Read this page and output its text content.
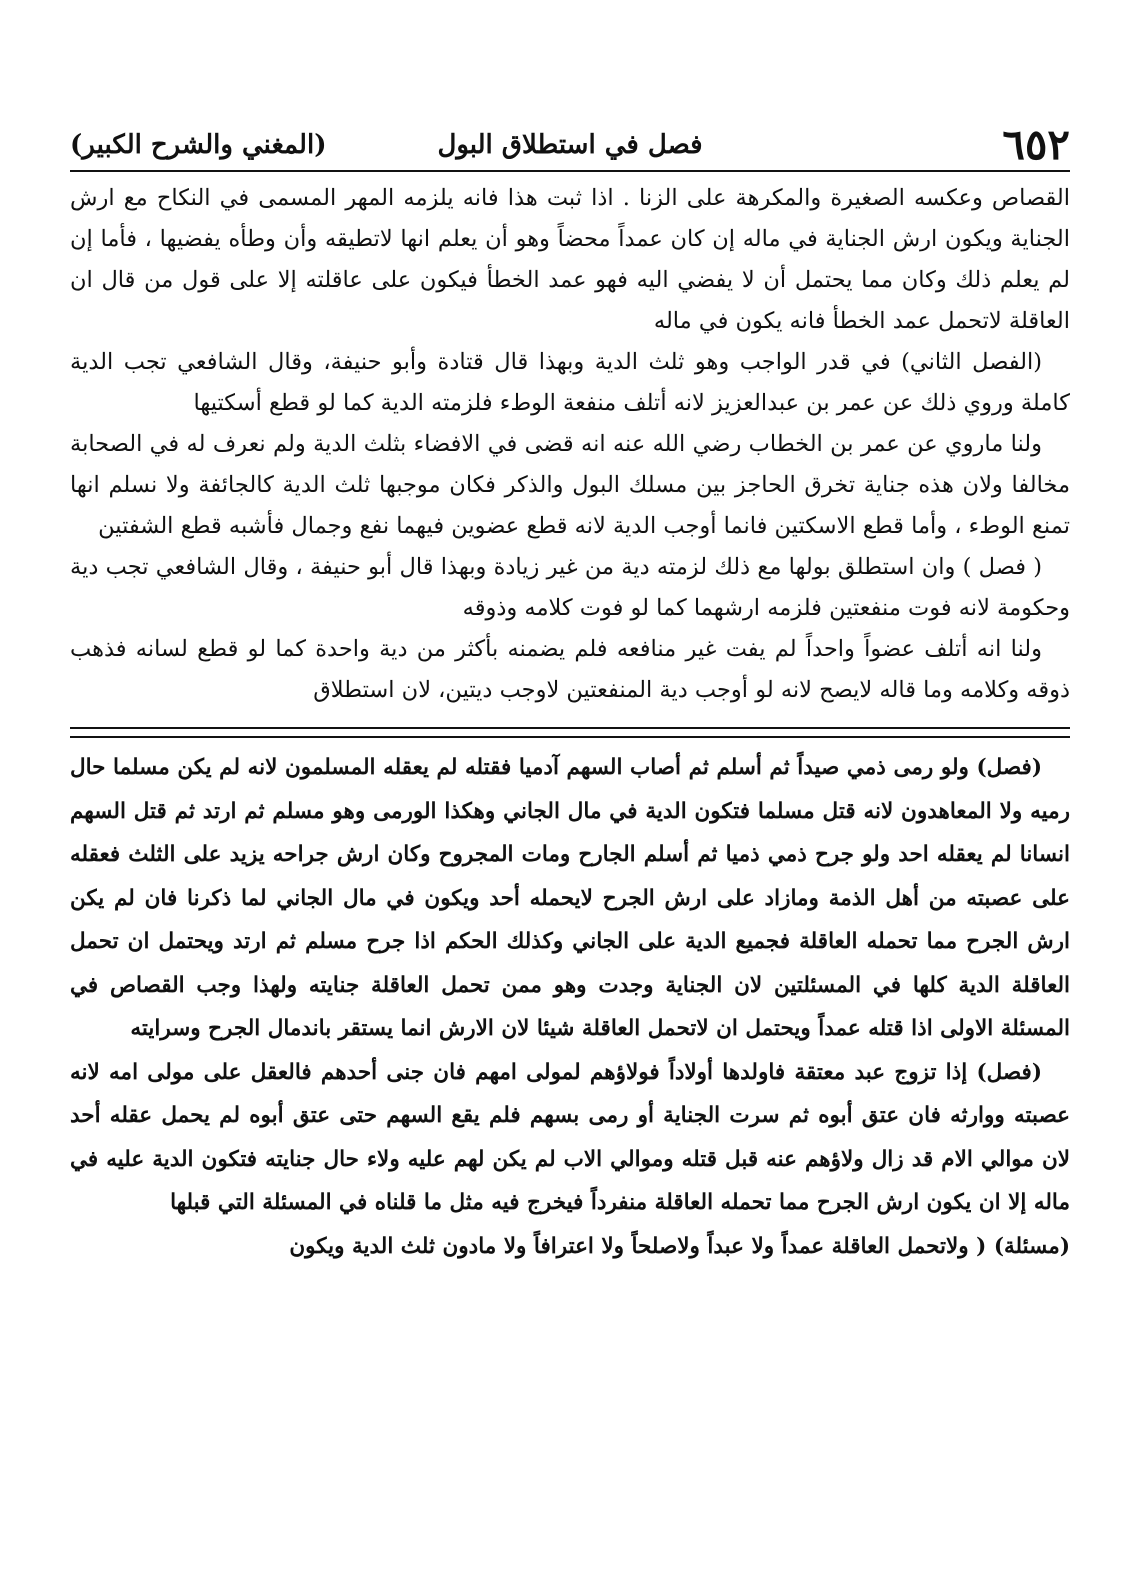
٦٥٢
فصل في استطلاق البول
(المغني والشرح الكبير)

القصاص وعكسه الصغيرة والمكرهة على الزنا . اذا ثبت هذا فانه يلزمه المهر المسمى في النكاح مع ارش الجناية ويكون ارش الجناية في ماله إن كان عمداً محضاً وهو أن يعلم انها لاتطيقه وأن وطأه يفضيها ، فأما إن لم يعلم ذلك وكان مما يحتمل أن لا يفضي اليه فهو عمد الخطأ فيكون على عاقلته إلا على قول من قال ان العاقلة لاتحمل عمد الخطأ فانه يكون في ماله

(الفصل الثاني) في قدر الواجب وهو ثلث الدية وبهذا قال قتادة وأبو حنيفة، وقال الشافعي تجب الدية كاملة وروي ذلك عن عمر بن عبدالعزيز لانه أتلف منفعة الوطء فلزمته الدية كما لو قطع أسكتيها

ولنا ماروي عن عمر بن الخطاب رضي الله عنه انه قضى في الافضاء بثلث الدية ولم نعرف له في الصحابة مخالفا ولان هذه جناية تخرق الحاجز بين مسلك البول والذكر فكان موجبها ثلث الدية كالجائفة ولا نسلم انها تمنع الوطء ، وأما قطع الاسكتين فانما أوجب الدية لانه قطع عضوين فيهما نفع وجمال فأشبه قطع الشفتين

( فصل ) وان استطلق بولها مع ذلك لزمته دية من غير زيادة وبهذا قال أبو حنيفة ، وقال الشافعي تجب دية وحكومة لانه فوت منفعتين فلزمه ارشهما كما لو فوت كلامه وذوقه

ولنا انه أتلف عضواً واحداً لم يفت غير منافعه فلم يضمنه بأكثر من دية واحدة كما لو قطع لسانه فذهب ذوقه وكلامه وما قاله لايصح لانه لو أوجب دية المنفعتين لاوجب ديتين، لان استطلاق

(فصل) ولو رمى ذمي صيداً ثم أسلم ثم أصاب السهم آدميا فقتله لم يعقله المسلمون لانه لم يكن مسلما حال رميه ولا المعاهدون لانه قتل مسلما فتكون الدية في مال الجاني وهكذا الورمى وهو مسلم ثم ارتد ثم قتل السهم انسانا لم يعقله احد ولو جرح ذمي ذميا ثم أسلم الجارح ومات المجروح وكان ارش جراحه يزيد على الثلث فعقله على عصبته من أهل الذمة ومازاد على ارش الجرح لايحمله أحد ويكون في مال الجاني لما ذكرنا فان لم يكن ارش الجرح مما تحمله العاقلة فجميع الدية على الجاني وكذلك الحكم اذا جرح مسلم ثم ارتد ويحتمل ان تحمل العاقلة الدية كلها في المسئلتين لان الجناية وجدت وهو ممن تحمل العاقلة جنايته ولهذا وجب القصاص في المسئلة الاولى اذا قتله عمداً ويحتمل ان لاتحمل العاقلة شيئا لان الارش انما يستقر باندمال الجرح وسرايته

(فصل) إذا تزوج عبد معتقة فاولدها أولاداً فولاؤهم لمولى امهم فان جنى أحدهم فالعقل على مولى امه لانه عصبته ووارثه فان عتق أبوه ثم سرت الجناية أو رمى بسهم فلم يقع السهم حتى عتق أبوه لم يحمل عقله أحد لان موالي الام قد زال ولاؤهم عنه قبل قتله وموالي الاب لم يكن لهم عليه ولاء حال جنايته فتكون الدية عليه في ماله إلا ان يكون ارش الجرح مما تحمله العاقلة منفرداً فيخرج فيه مثل ما قلناه في المسئلة التي قبلها

(مسئلة) ( ولاتحمل العاقلة عمداً ولا عبداً ولاصلحاً ولا اعترافاً ولا مادون ثلث الدية ويكون
